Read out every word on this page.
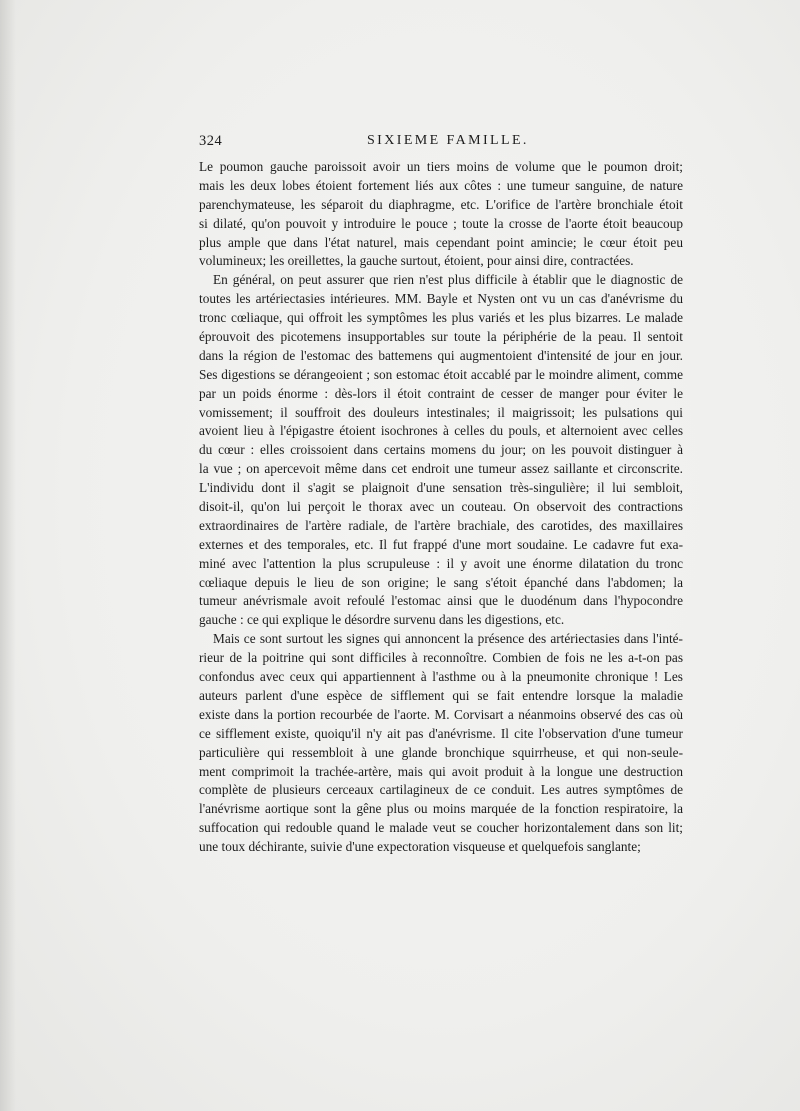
324	SIXIEME FAMILLE.
Le poumon gauche paroissoit avoir un tiers moins de volume que le poumon droit;
mais les deux lobes étoient fortement liés aux côtes : une tumeur sanguine, de nature
parenchymateuse, les séparoit du diaphragme, etc. L'orifice de l'artère bronchiale étoit
si dilaté, qu'on pouvoit y introduire le pouce ; toute la crosse de l'aorte étoit beaucoup
plus ample que dans l'état naturel, mais cependant point amincie; le cœur étoit peu
volumineux; les oreillettes, la gauche surtout, étoient, pour ainsi dire, contractées.
En général, on peut assurer que rien n'est plus difficile à établir que le diagnostic de
toutes les artériectasies intérieures. MM. Bayle et Nysten ont vu un cas d'anévrisme du
tronc cœliaque, qui offroit les symptômes les plus variés et les plus bizarres. Le malade
éprouvoit des picotemens insupportables sur toute la périphérie de la peau. Il sentoit
dans la région de l'estomac des battemens qui augmentoient d'intensité de jour en jour.
Ses digestions se dérangeoient ; son estomac étoit accablé par le moindre aliment, comme
par un poids énorme : dès-lors il étoit contraint de cesser de manger pour éviter le
vomissement; il souffroit des douleurs intestinales; il maigrissoit; les pulsations qui
avoient lieu à l'épigastre étoient isochrones à celles du pouls, et alternoient avec celles
du cœur : elles croissoient dans certains momens du jour; on les pouvoit distinguer à
la vue ; on apercevoit même dans cet endroit une tumeur assez saillante et circonscrite.
L'individu dont il s'agit se plaignoit d'une sensation très-singulière; il lui sembloit,
disoit-il, qu'on lui perçoit le thorax avec un couteau. On observoit des contractions
extraordinaires de l'artère radiale, de l'artère brachiale, des carotides, des maxillaires
externes et des temporales, etc. Il fut frappé d'une mort soudaine. Le cadavre fut exa-
miné avec l'attention la plus scrupuleuse : il y avoit une énorme dilatation du tronc
cœliaque depuis le lieu de son origine; le sang s'étoit épanché dans l'abdomen; la
tumeur anévrismale avoit refoulé l'estomac ainsi que le duodénum dans l'hypocondre
gauche : ce qui explique le désordre survenu dans les digestions, etc.
Mais ce sont surtout les signes qui annoncent la présence des artériectasies dans l'inté-
rieur de la poitrine qui sont difficiles à reconnoître. Combien de fois ne les a-t-on pas
confondus avec ceux qui appartiennent à l'asthme ou à la pneumonite chronique ! Les
auteurs parlent d'une espèce de sifflement qui se fait entendre lorsque la maladie
existe dans la portion recourbée de l'aorte. M. Corvisart a néanmoins observé des cas où
ce sifflement existe, quoiqu'il n'y ait pas d'anévrisme. Il cite l'observation d'une tumeur
particulière qui ressembloit à une glande bronchique squirrheuse, et qui non-seule-
ment comprimoit la trachée-artère, mais qui avoit produit à la longue une destruction
complète de plusieurs cerceaux cartilagineux de ce conduit. Les autres symptômes de
l'anévrisme aortique sont la gêne plus ou moins marquée de la fonction respiratoire, la
suffocation qui redouble quand le malade veut se coucher horizontalement dans son lit;
une toux déchirante, suivie d'une expectoration visqueuse et quelquefois sanglante;
